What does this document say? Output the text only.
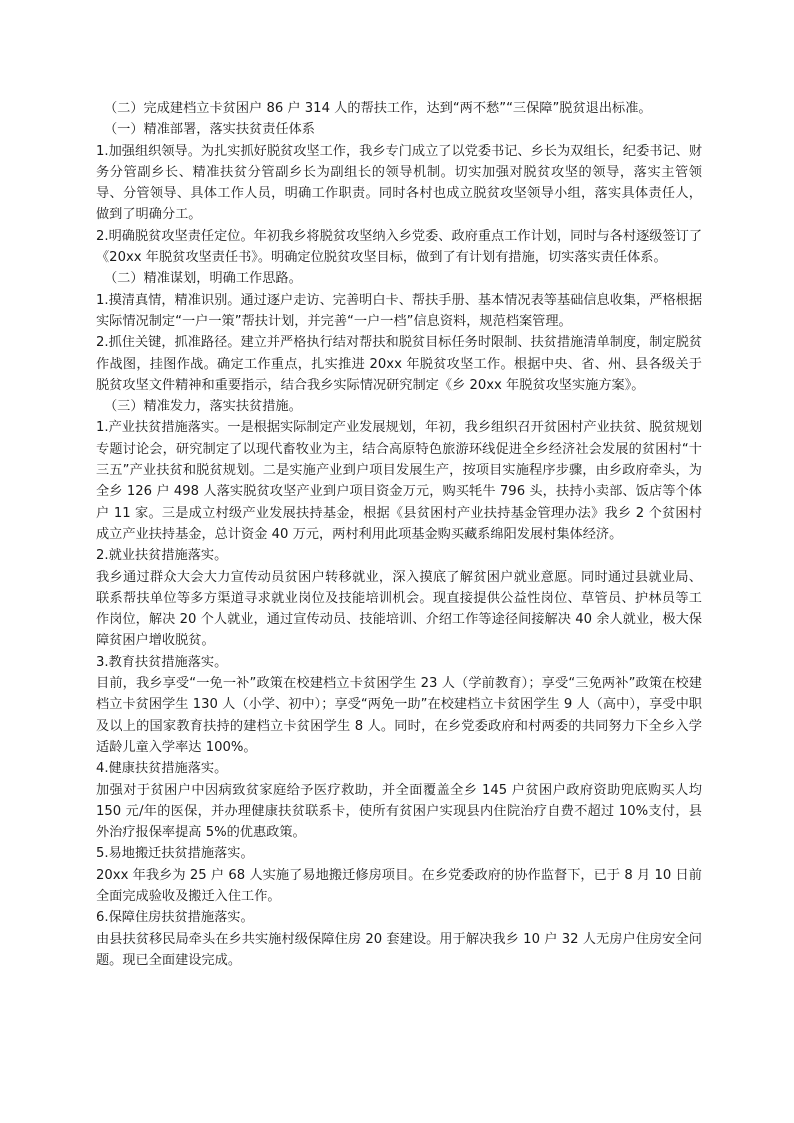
（二）完成建档立卡贫困户 86 户 314 人的帮扶工作，达到“两不愁”“三保障”脱贫退出标准。

（一）精准部署，落实扶贫责任体系

1.加强组织领导。为扎实抓好脱贫攻坚工作，我乡专门成立了以党委书记、乡长为双组长，纪委书记、财务分管副乡长、精准扶贫分管副乡长为副组长的领导机制。切实加强对脱贫攻坚的领导，落实主管领导、分管领导、具体工作人员，明确工作职责。同时各村也成立脱贫攻坚领导小组，落实具体责任人，做到了明确分工。

2.明确脱贫攻坚责任定位。年初我乡将脱贫攻坚纳入乡党委、政府重点工作计划，同时与各村逐级签订了《20xx 年脱贫攻坚责任书》。明确定位脱贫攻坚目标，做到了有计划有措施，切实落实责任体系。

（二）精准谋划，明确工作思路。

1.摸清真情，精准识别。通过逐户走访、完善明白卡、帮扶手册、基本情况表等基础信息收集，严格根据实际情况制定“一户一策”帮扶计划，并完善“一户一档”信息资料，规范档案管理。

2.抓住关键，抓准路径。建立并严格执行结对帮扶和脱贫目标任务时限制、扶贫措施清单制度，制定脱贫作战图，挂图作战。确定工作重点，扎实推进 20xx 年脱贫攻坚工作。根据中央、省、州、县各级关于脱贫攻坚文件精神和重要指示，结合我乡实际情况研究制定《乡 20xx 年脱贫攻坚实施方案》。

（三）精准发力，落实扶贫措施。

1.产业扶贫措施落实。一是根据实际制定产业发展规划，年初，我乡组织召开贫困村产业扶贫、脱贫规划专题讨论会，研究制定了以现代畜牧业为主，结合高原特色旅游环线促进全乡经济社会发展的贫困村“十三五”产业扶贫和脱贫规划。二是实施产业到户项目发展生产，按项目实施程序步骤，由乡政府牵头，为全乡 126 户 498 人落实脱贫攻坚产业到户项目资金万元，购买牦牛 796 头，扶持小卖部、饭店等个体户 11 家。三是成立村级产业发展扶持基金，根据《县贫困村产业扶持基金管理办法》我乡 2 个贫困村成立产业扶持基金，总计资金 40 万元，两村利用此项基金购买藏系绵阳发展村集体经济。

2.就业扶贫措施落实。

我乡通过群众大会大力宣传动员贫困户转移就业，深入摸底了解贫困户就业意愿。同时通过县就业局、联系帮扶单位等多方渠道寻求就业岗位及技能培训机会。现直接提供公益性岗位、草管员、护林员等工作岗位，解决 20 个人就业，通过宣传动员、技能培训、介绍工作等途径间接解决 40 余人就业，极大保障贫困户增收脱贫。

3.教育扶贫措施落实。

目前，我乡享受“一免一补”政策在校建档立卡贫困学生 23 人（学前教育）；享受“三免两补”政策在校建档立卡贫困学生 130 人（小学、初中）；享受“两免一助”在校建档立卡贫困学生 9 人（高中），享受中职及以上的国家教育扶持的建档立卡贫困学生 8 人。同时，在乡党委政府和村两委的共同努力下全乡入学适龄儿童入学率达 100%。

4.健康扶贫措施落实。

加强对于贫困户中因病致贫家庭给予医疗救助，并全面覆盖全乡 145 户贫困户政府资助兜底购买人均 150 元/年的医保，并办理健康扶贫联系卡，使所有贫困户实现县内住院治疗自费不超过 10%支付，县外治疗报保率提高 5%的优惠政策。

5.易地搬迁扶贫措施落实。

20xx 年我乡为 25 户 68 人实施了易地搬迁修房项目。在乡党委政府的协作监督下，已于 8 月 10 日前全面完成验收及搬迁入住工作。

6.保障住房扶贫措施落实。

由县扶贫移民局牵头在乡共实施村级保障住房 20 套建设。用于解决我乡 10 户 32 人无房户住房安全问题。现已全面建设完成。
